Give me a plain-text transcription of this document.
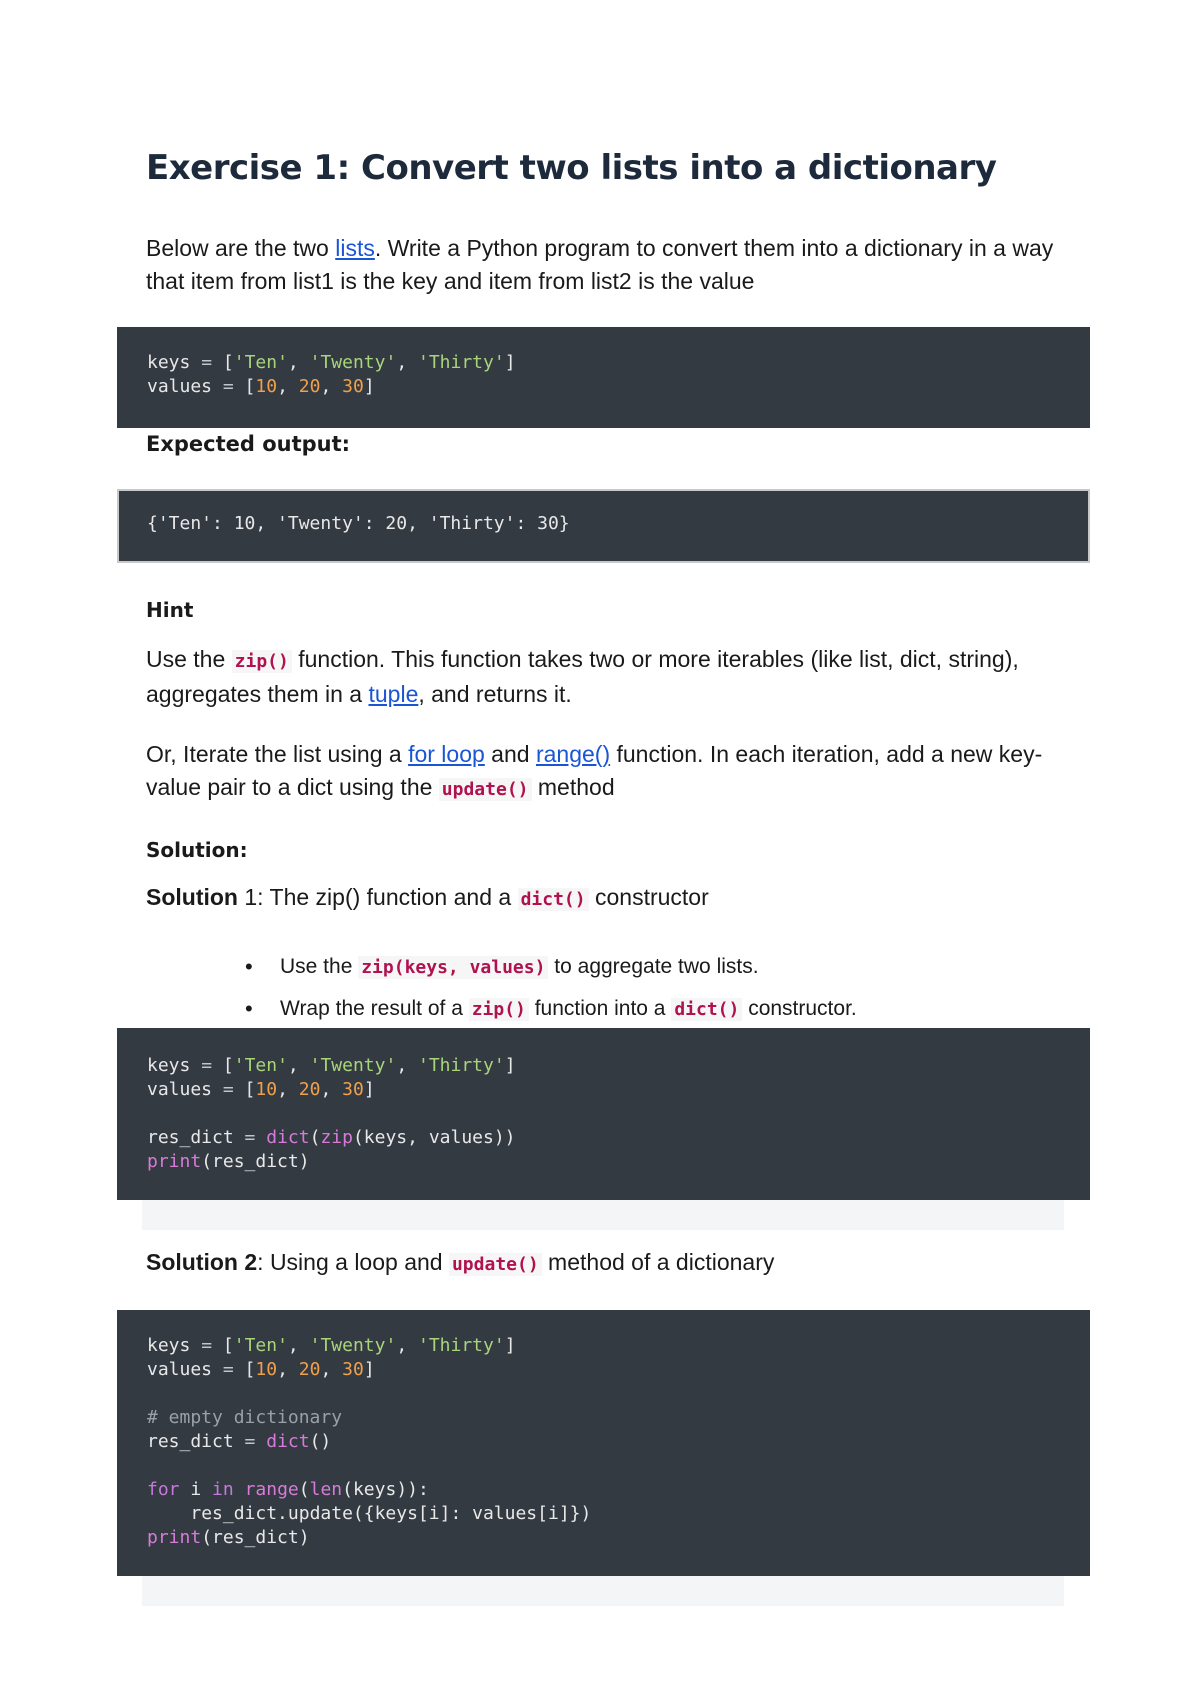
Exercise 1: Convert two lists into a dictionary

Below are the two lists. Write a Python program to convert them into a dictionary in a way that item from list1 is the key and item from list2 is the value

keys = ['Ten', 'Twenty', 'Thirty']
values = [10, 20, 30]

Expected output:

{'Ten': 10, 'Twenty': 20, 'Thirty': 30}

Hint

Use the zip() function. This function takes two or more iterables (like list, dict, string), aggregates them in a tuple, and returns it.

Or, Iterate the list using a for loop and range() function. In each iteration, add a new key-value pair to a dict using the update() method

Solution:

Solution 1: The zip() function and a dict() constructor

• Use the zip(keys, values) to aggregate two lists.
• Wrap the result of a zip() function into a dict() constructor.
keys = ['Ten', 'Twenty', 'Thirty']
values = [10, 20, 30]

res_dict = dict(zip(keys, values))
print(res_dict)

Solution 2: Using a loop and update() method of a dictionary

keys = ['Ten', 'Twenty', 'Thirty']
values = [10, 20, 30]

# empty dictionary
res_dict = dict()

for i in range(len(keys)):
res_dict.update({keys[i]: values[i]})
print(res_dict)
